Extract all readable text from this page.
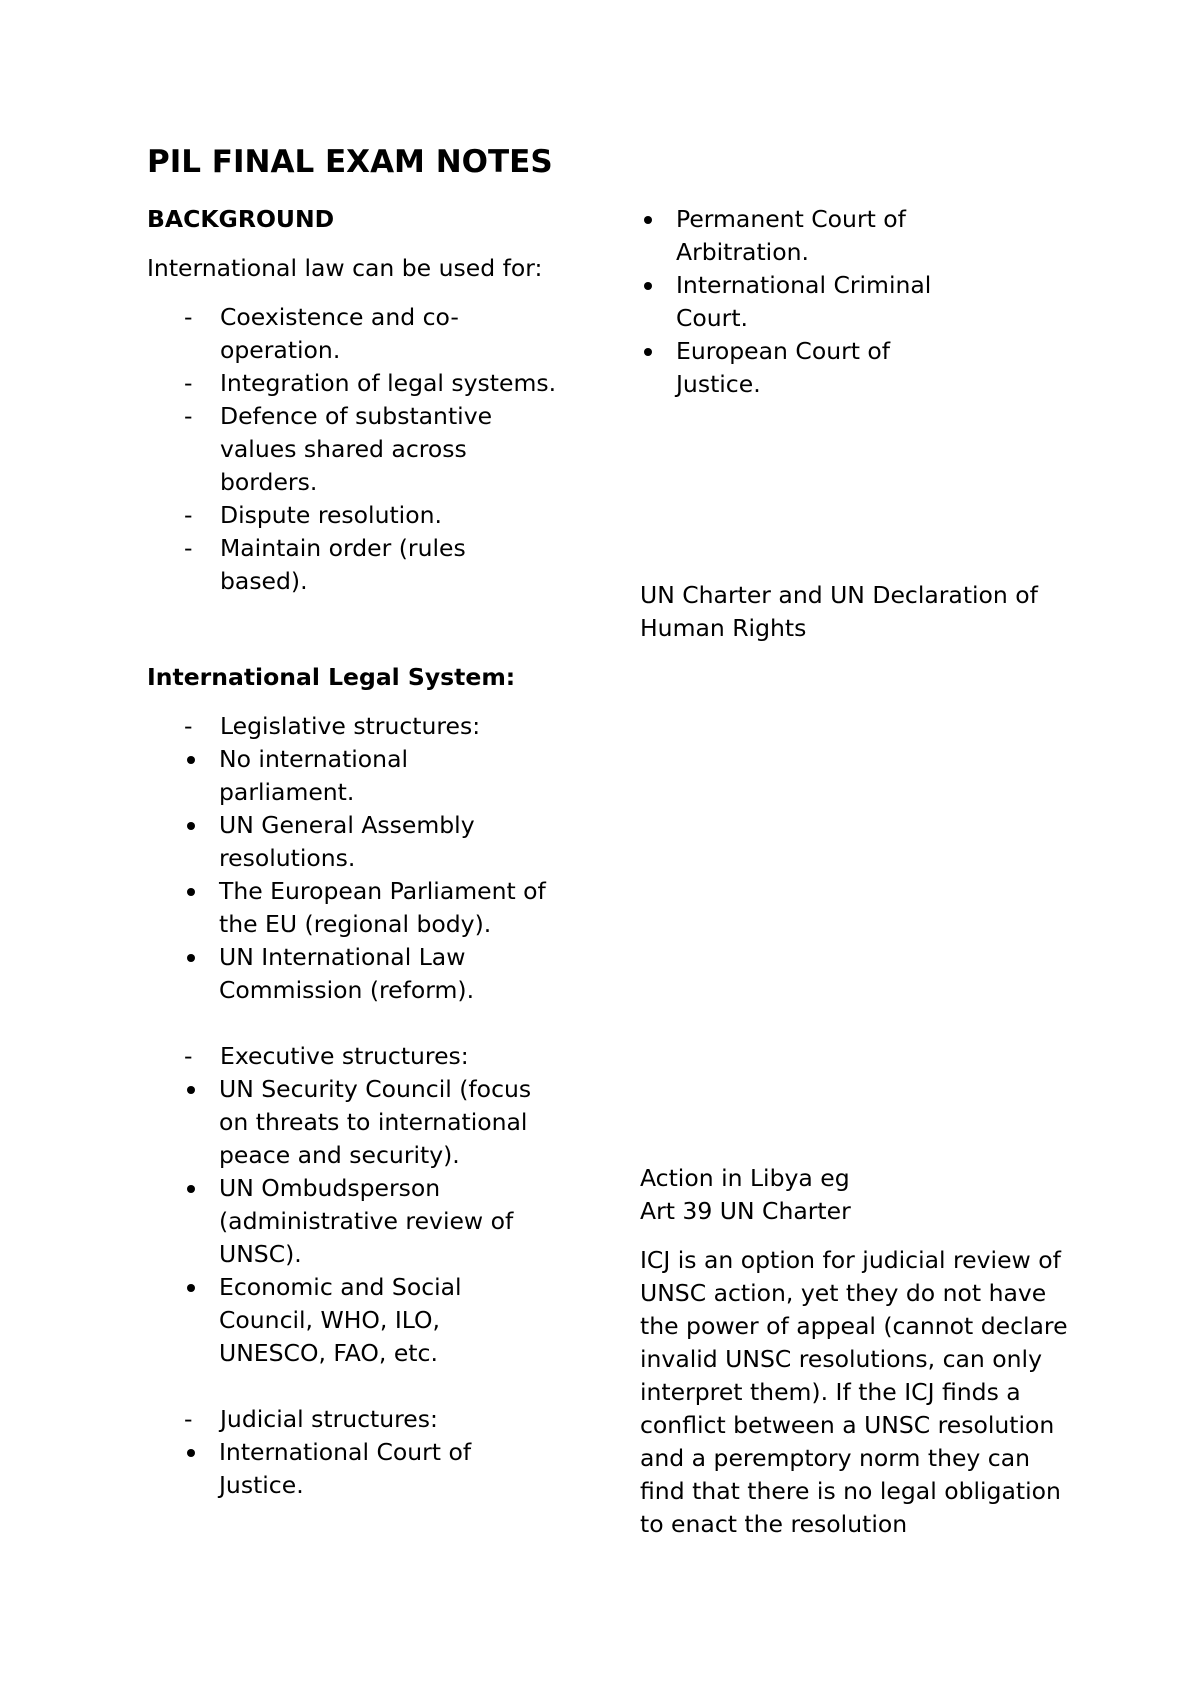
PIL FINAL EXAM NOTES
BACKGROUND
International law can be used for:
- Coexistence and co-operation.
- Integration of legal systems.
- Defence of substantive values shared across borders.
- Dispute resolution.
- Maintain order (rules based).
International Legal System:
- Legislative structures:
No international parliament.
UN General Assembly resolutions.
The European Parliament of the EU (regional body).
UN International Law Commission (reform).
- Executive structures:
UN Security Council (focus on threats to international peace and security).
UN Ombudsperson (administrative review of UNSC).
Economic and Social Council, WHO, ILO, UNESCO, FAO, etc.
- Judicial structures:
International Court of Justice.
Permanent Court of Arbitration.
International Criminal Court.
European Court of Justice.
UN Charter and UN Declaration of Human Rights
Action in Libya eg
Art 39 UN Charter
ICJ is an option for judicial review of UNSC action, yet they do not have the power of appeal (cannot declare invalid UNSC resolutions, can only interpret them). If the ICJ finds a conflict between a UNSC resolution and a peremptory norm they can find that there is no legal obligation to enact the resolution
